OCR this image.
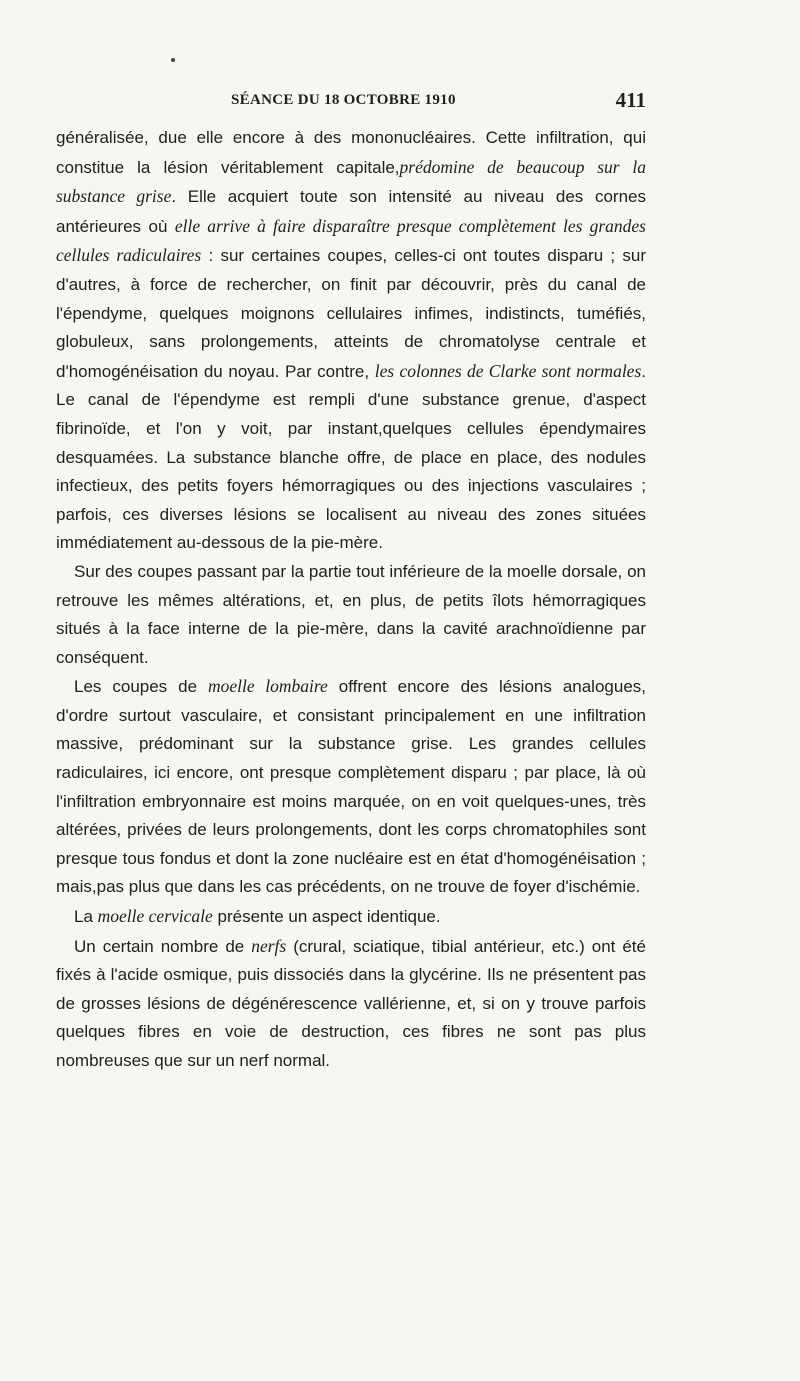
SÉANCE DU 18 OCTOBRE 1910	411

généralisée, due elle encore à des mononucléaires. Cette infiltration, qui constitue la lésion véritablement capitale,prédomine de beaucoup sur la substance grise. Elle acquiert toute son intensité au niveau des cornes antérieures où elle arrive à faire disparaître presque complètement les grandes cellules radiculaires : sur certaines coupes, celles-ci ont toutes disparu ; sur d'autres, à force de rechercher, on finit par découvrir, près du canal de l'épendyme, quelques moignons cellulaires infimes, indistincts, tuméfiés, globuleux, sans prolongements, atteints de chromatolyse centrale et d'homogénéisation du noyau. Par contre, les colonnes de Clarke sont normales. Le canal de l'épendyme est rempli d'une substance grenue, d'aspect fibrinoïde, et l'on y voit, par instant,quelques cellules épendymaires desquamées. La substance blanche offre, de place en place, des nodules infectieux, des petits foyers hémorragiques ou des injections vasculaires ; parfois, ces diverses lésions se localisent au niveau des zones situées immédiatement au-dessous de la pie-mère.

Sur des coupes passant par la partie tout inférieure de la moelle dorsale, on retrouve les mêmes altérations, et, en plus, de petits îlots hémorragiques situés à la face interne de la pie-mère, dans la cavité arachnoïdienne par conséquent.

Les coupes de moelle lombaire offrent encore des lésions analogues, d'ordre surtout vasculaire, et consistant principalement en une infiltration massive, prédominant sur la substance grise. Les grandes cellules radiculaires, ici encore, ont presque complètement disparu ; par place, là où l'infiltration embryonnaire est moins marquée, on en voit quelques-unes, très altérées, privées de leurs prolongements, dont les corps chromatophiles sont presque tous fondus et dont la zone nucléaire est en état d'homogénéisation ; mais,pas plus que dans les cas précédents, on ne trouve de foyer d'ischémie.

La moelle cervicale présente un aspect identique.

Un certain nombre de nerfs (crural, sciatique, tibial antérieur, etc.) ont été fixés à l'acide osmique, puis dissociés dans la glycérine. Ils ne présentent pas de grosses lésions de dégénérescence vallérienne, et, si on y trouve parfois quelques fibres en voie de destruction, ces fibres ne sont pas plus nombreuses que sur un nerf normal.
